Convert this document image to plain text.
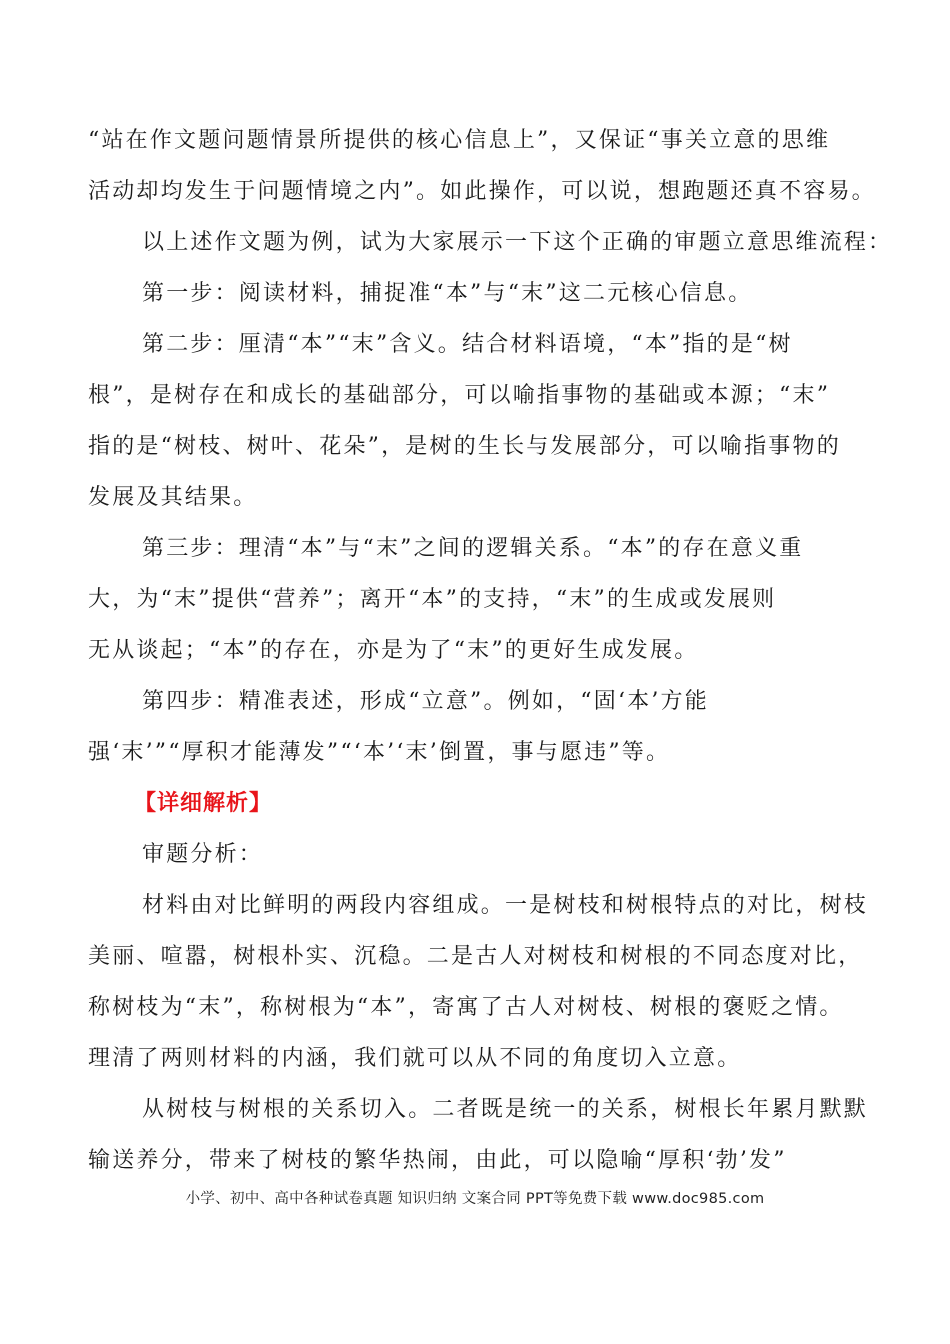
“站在作文题问题情景所提供的核心信息上”，又保证“事关立意的思维
活动却均发生于问题情境之内”。如此操作，可以说，想跑题还真不容易。
以上述作文题为例，试为大家展示一下这个正确的审题立意思维流程：
第一步：阅读材料，捕捉准“本”与“末”这二元核心信息。
第二步：厘清“本”“末”含义。结合材料语境，“本”指的是“树
根”，是树存在和成长的基础部分，可以喻指事物的基础或本源；“末”
指的是“树枝、树叶、花朵”，是树的生长与发展部分，可以喻指事物的
发展及其结果。
第三步：理清“本”与“末”之间的逻辑关系。“本”的存在意义重
大，为“末”提供“营养”；离开“本”的支持，“末”的生成或发展则
无从谈起；“本”的存在，亦是为了“末”的更好生成发展。
第四步：精准表述，形成“立意”。例如，“固‘本’方能
强‘末’”“厚积才能薄发”“‘本’‘末’倒置，事与愿违”等。
【详细解析】
审题分析：
材料由对比鲜明的两段内容组成。一是树枝和树根特点的对比，树枝
美丽、喧嚣，树根朴实、沉稳。二是古人对树枝和树根的不同态度对比，
称树枝为“末”，称树根为“本”，寄寓了古人对树枝、树根的褒贬之情。
理清了两则材料的内涵，我们就可以从不同的角度切入立意。
从树枝与树根的关系切入。二者既是统一的关系，树根长年累月默默
输送养分，带来了树枝的繁华热闹，由此，可以隐喻“厚积‘勃’发”
小学、初中、高中各种试卷真题 知识归纳 文案合同 PPT等免费下载 www.doc985.com
